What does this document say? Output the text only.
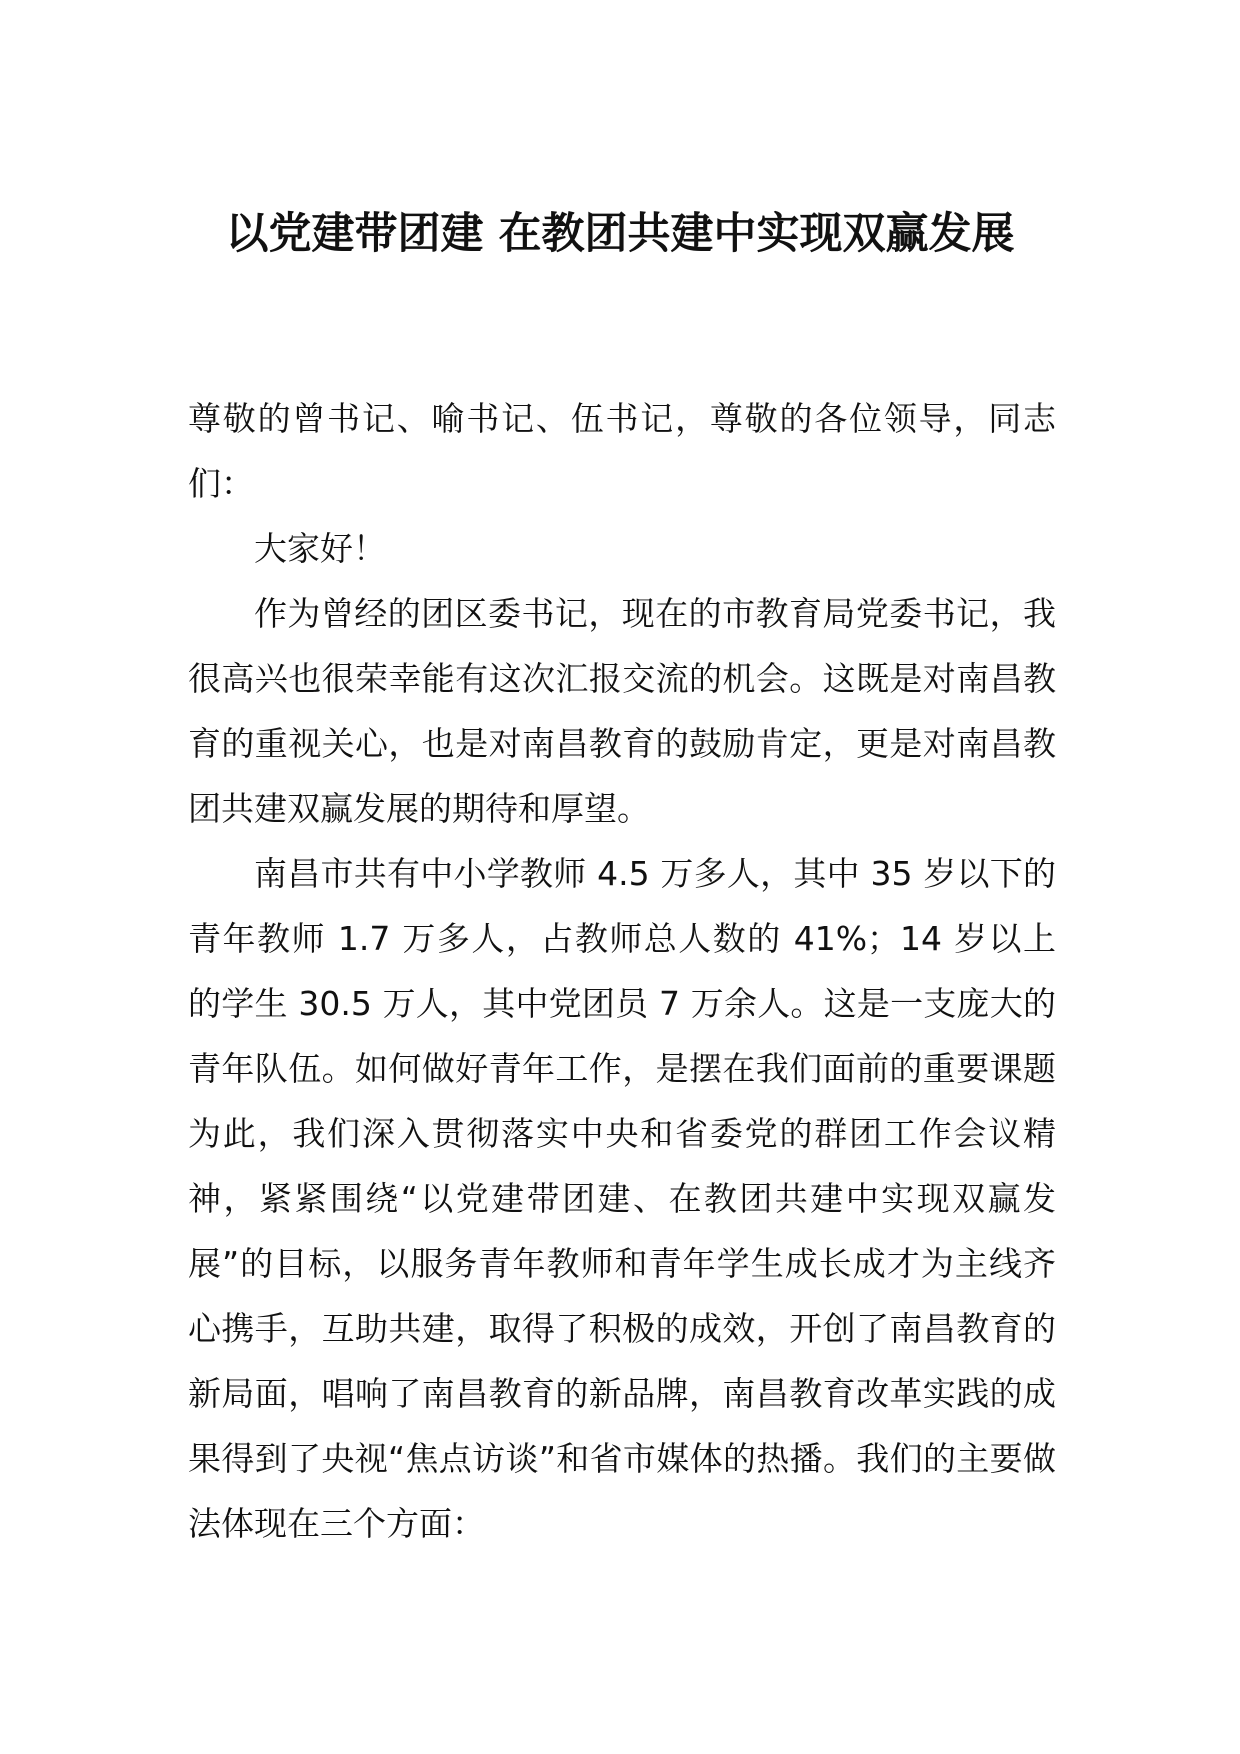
以党建带团建 在教团共建中实现双赢发展

尊敬的曾书记、喻书记、伍书记，尊敬的各位领导，同志们：

大家好！

作为曾经的团区委书记，现在的市教育局党委书记，我很高兴也很荣幸能有这次汇报交流的机会。这既是对南昌教育的重视关心，也是对南昌教育的鼓励肯定，更是对南昌教团共建双赢发展的期待和厚望。

南昌市共有中小学教师 4.5 万多人，其中 35 岁以下的青年教师 1.7 万多人，占教师总人数的 41%；14 岁以上的学生 30.5 万人，其中党团员 7 万余人。这是一支庞大的青年队伍。如何做好青年工作，是摆在我们面前的重要课题为此，我们深入贯彻落实中央和省委党的群团工作会议精神，紧紧围绕“以党建带团建、在教团共建中实现双赢发展”的目标，以服务青年教师和青年学生成长成才为主线齐心携手，互助共建，取得了积极的成效，开创了南昌教育的新局面，唱响了南昌教育的新品牌，南昌教育改革实践的成果得到了央视“焦点访谈”和省市媒体的热播。我们的主要做法体现在三个方面：
